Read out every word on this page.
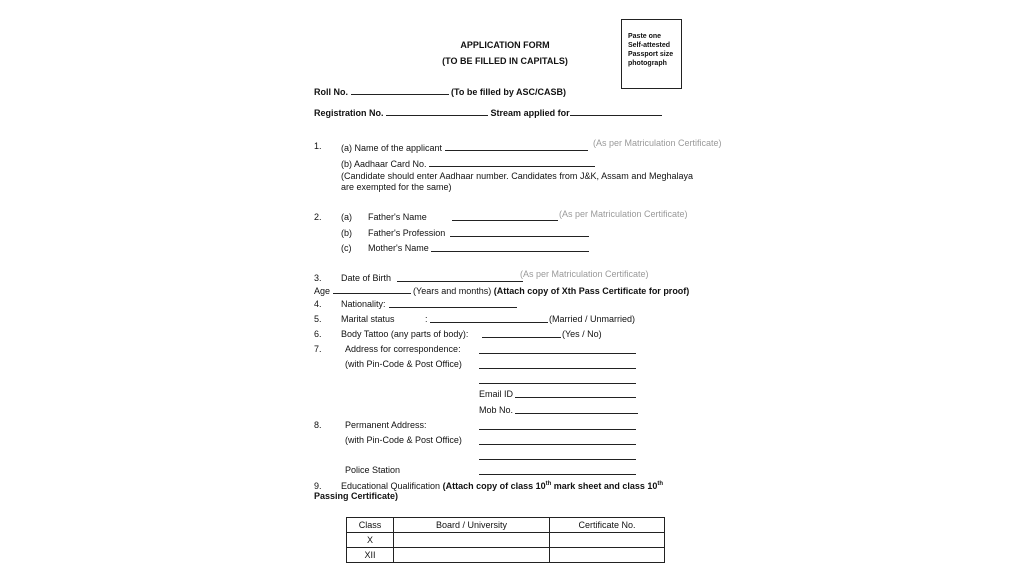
Paste one
Self-attested
Passport size
photograph
APPLICATION FORM
(TO BE FILLED IN CAPITALS)
Roll No.	(To be filled by ASC/CASB)
Registration No.	Stream applied for
1. (a) Name of the applicant	(As per Matriculation Certificate)
(b) Aadhaar Card No.
(Candidate should enter Aadhaar number. Candidates from J&K, Assam and Meghalaya are exempted for the same)
2. (a) Father's Name	(As per Matriculation Certificate)
(b) Father's Profession
(c) Mother's Name
3. Date of Birth	(As per Matriculation Certificate)
Age	(Years and months) (Attach copy of Xth Pass Certificate for proof)
4. Nationality:
5. Marital status	:	(Married / Unmarried)
6. Body Tattoo (any parts of body):	(Yes / No)
7.	Address for correspondence:
(with Pin-Code & Post Office)
Email ID
Mob No.
8.	Permanent Address:
(with Pin-Code & Post Office)
Police Station
9. Educational Qualification (Attach copy of class 10th mark sheet and class 10th
Passing Certificate)
Class	Board / University	Certificate No.
X		
XII		
